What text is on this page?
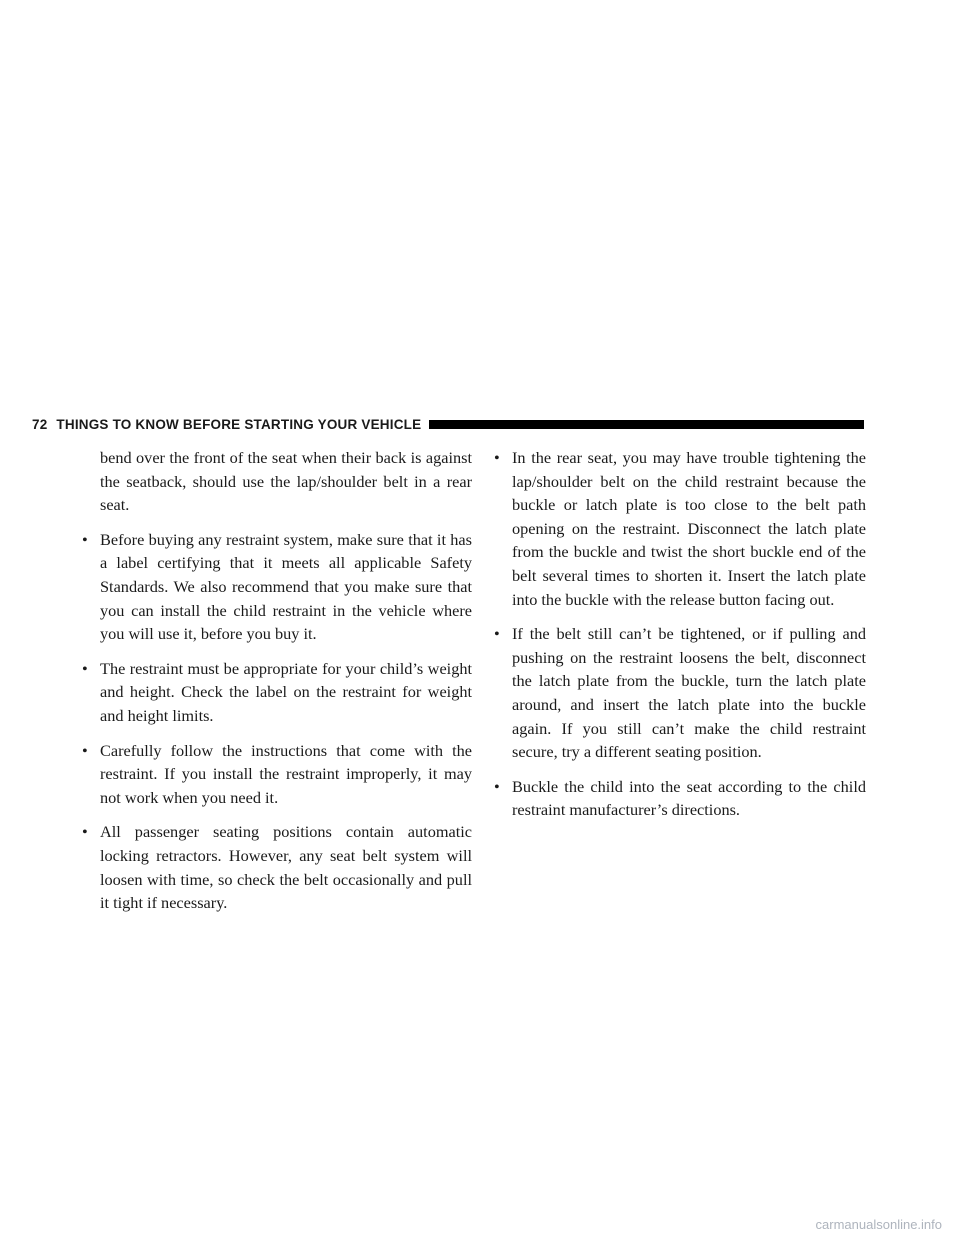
72 THINGS TO KNOW BEFORE STARTING YOUR VEHICLE

bend over the front of the seat when their back is against the seatback, should use the lap/shoulder belt in a rear seat.

• Before buying any restraint system, make sure that it has a label certifying that it meets all applicable Safety Standards. We also recommend that you make sure that you can install the child restraint in the vehicle where you will use it, before you buy it.
• The restraint must be appropriate for your child’s weight and height. Check the label on the restraint for weight and height limits.
• Carefully follow the instructions that come with the restraint. If you install the restraint improperly, it may not work when you need it.
• All passenger seating positions contain automatic locking retractors. However, any seat belt system will loosen with time, so check the belt occasionally and pull it tight if necessary.
• In the rear seat, you may have trouble tightening the lap/shoulder belt on the child restraint because the buckle or latch plate is too close to the belt path opening on the restraint. Disconnect the latch plate from the buckle and twist the short buckle end of the belt several times to shorten it. Insert the latch plate into the buckle with the release button facing out.
• If the belt still can’t be tightened, or if pulling and pushing on the restraint loosens the belt, disconnect the latch plate from the buckle, turn the latch plate around, and insert the latch plate into the buckle again. If you still can’t make the child restraint secure, try a different seating position.
• Buckle the child into the seat according to the child restraint manufacturer’s directions.
carmanualsonline.info
